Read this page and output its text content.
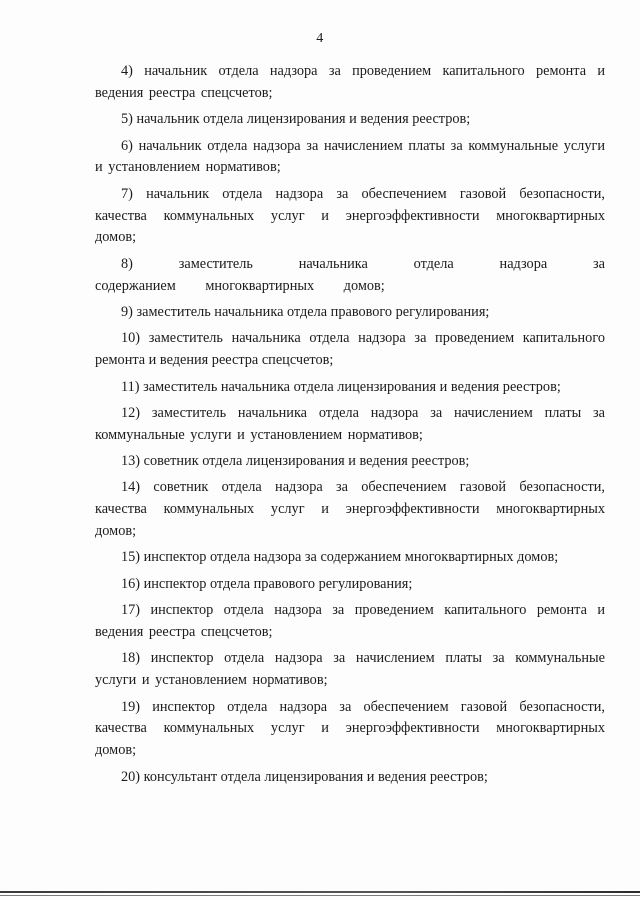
4

4) начальник отдела надзора за проведением капитального ремонта и ведения реестра спецсчетов;

5) начальник отдела лицензирования и ведения реестров;

6) начальник отдела надзора за начислением платы за коммунальные услуги и установлением нормативов;

7) начальник отдела надзора за обеспечением газовой безопасности, качества коммунальных услуг и энергоэффективности многоквартирных домов;

8) заместитель начальника отдела надзора за содержанием многоквартирных домов;

9) заместитель начальника отдела правового регулирования;

10) заместитель начальника отдела надзора за проведением капитального ремонта и ведения реестра спецсчетов;

11) заместитель начальника отдела лицензирования и ведения реестров;

12) заместитель начальника отдела надзора за начислением платы за коммунальные услуги и установлением нормативов;

13) советник отдела лицензирования и ведения реестров;

14) советник отдела надзора за обеспечением газовой безопасности, качества коммунальных услуг и энергоэффективности многоквартирных домов;

15) инспектор отдела надзора за содержанием многоквартирных домов;

16) инспектор отдела правового регулирования;

17) инспектор отдела надзора за проведением капитального ремонта и ведения реестра спецсчетов;

18) инспектор отдела надзора за начислением платы за коммунальные услуги и установлением нормативов;

19) инспектор отдела надзора за обеспечением газовой безопасности, качества коммунальных услуг и энергоэффективности многоквартирных домов;

20) консультант отдела лицензирования и ведения реестров;
